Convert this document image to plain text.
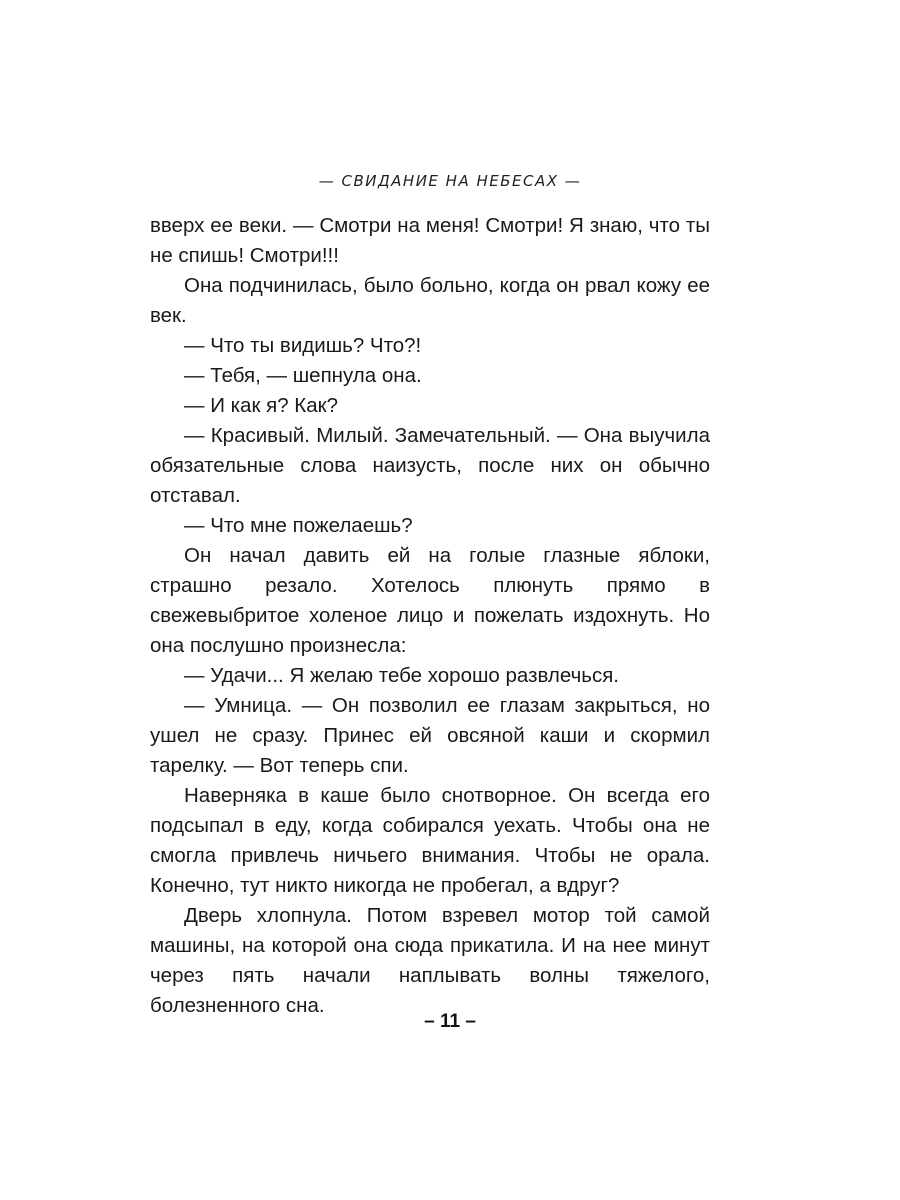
— СВИДАНИЕ НА НЕБЕСАХ —

вверх ее веки. — Смотри на меня! Смотри! Я знаю, что ты не спишь! Смотри!!!

Она подчинилась, было больно, когда он рвал кожу ее век.

— Что ты видишь? Что?!

— Тебя, — шепнула она.

— И как я? Как?

— Красивый. Милый. Замечательный. — Она выучила обязательные слова наизусть, после них он обычно отставал.

— Что мне пожелаешь?

Он начал давить ей на голые глазные яблоки, страшно резало. Хотелось плюнуть прямо в свежевыбритое холеное лицо и пожелать издохнуть. Но она послушно произнесла:

— Удачи... Я желаю тебе хорошо развлечься.

— Умница. — Он позволил ее глазам закрыться, но ушел не сразу. Принес ей овсяной каши и скормил тарелку. — Вот теперь спи.

Наверняка в каше было снотворное. Он всегда его подсыпал в еду, когда собирался уехать. Чтобы она не смогла привлечь ничьего внимания. Чтобы не орала. Конечно, тут никто никогда не пробегал, а вдруг?

Дверь хлопнула. Потом взревел мотор той самой машины, на которой она сюда прикатила. И на нее минут через пять начали наплывать волны тяжелого, болезненного сна.

– 11 –
